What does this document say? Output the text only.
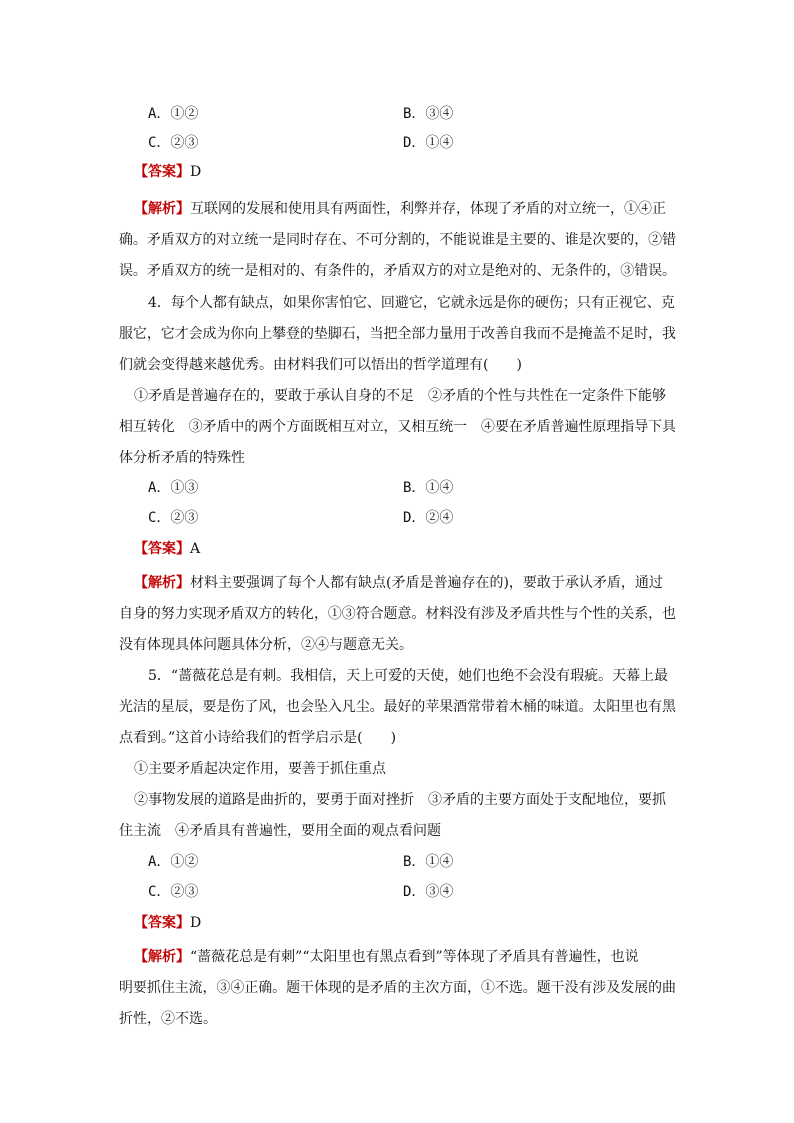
A．①②	B．③④
C．②③	D．①④
【答案】D
【解析】互联网的发展和使用具有两面性，利弊并存，体现了矛盾的对立统一，①④正
确。矛盾双方的对立统一是同时存在、不可分割的，不能说谁是主要的、谁是次要的，②错
误。矛盾双方的统一是相对的、有条件的，矛盾双方的对立是绝对的、无条件的，③错误。
4．每个人都有缺点，如果你害怕它、回避它，它就永远是你的硬伤；只有正视它、克
服它，它才会成为你向上攀登的垫脚石，当把全部力量用于改善自我而不是掩盖不足时，我
们就会变得越来越优秀。由材料我们可以悟出的哲学道理有(　　)
①矛盾是普遍存在的，要敢于承认自身的不足　②矛盾的个性与共性在一定条件下能够
相互转化　③矛盾中的两个方面既相互对立，又相互统一　④要在矛盾普遍性原理指导下具
体分析矛盾的特殊性
A．①③	B．①④
C．②③	D．②④
【答案】A
【解析】材料主要强调了每个人都有缺点(矛盾是普遍存在的)，要敢于承认矛盾，通过
自身的努力实现矛盾双方的转化，①③符合题意。材料没有涉及矛盾共性与个性的关系，也
没有体现具体问题具体分析，②④与题意无关。
5．“蔷薇花总是有刺。我相信，天上可爱的天使，她们也绝不会没有瑕疵。天幕上最
光洁的星辰，要是伤了风，也会坠入凡尘。最好的苹果酒常带着木桶的味道。太阳里也有黑
点看到。”这首小诗给我们的哲学启示是(　　)
①主要矛盾起决定作用，要善于抓住重点
②事物发展的道路是曲折的，要勇于面对挫折　③矛盾的主要方面处于支配地位，要抓
住主流　④矛盾具有普遍性，要用全面的观点看问题
A．①②	B．①④
C．②③	D．③④
【答案】D
【解析】“蔷薇花总是有刺”“太阳里也有黑点看到”等体现了矛盾具有普遍性，也说
明要抓住主流，③④正确。题干体现的是矛盾的主次方面，①不选。题干没有涉及发展的曲
折性，②不选。
